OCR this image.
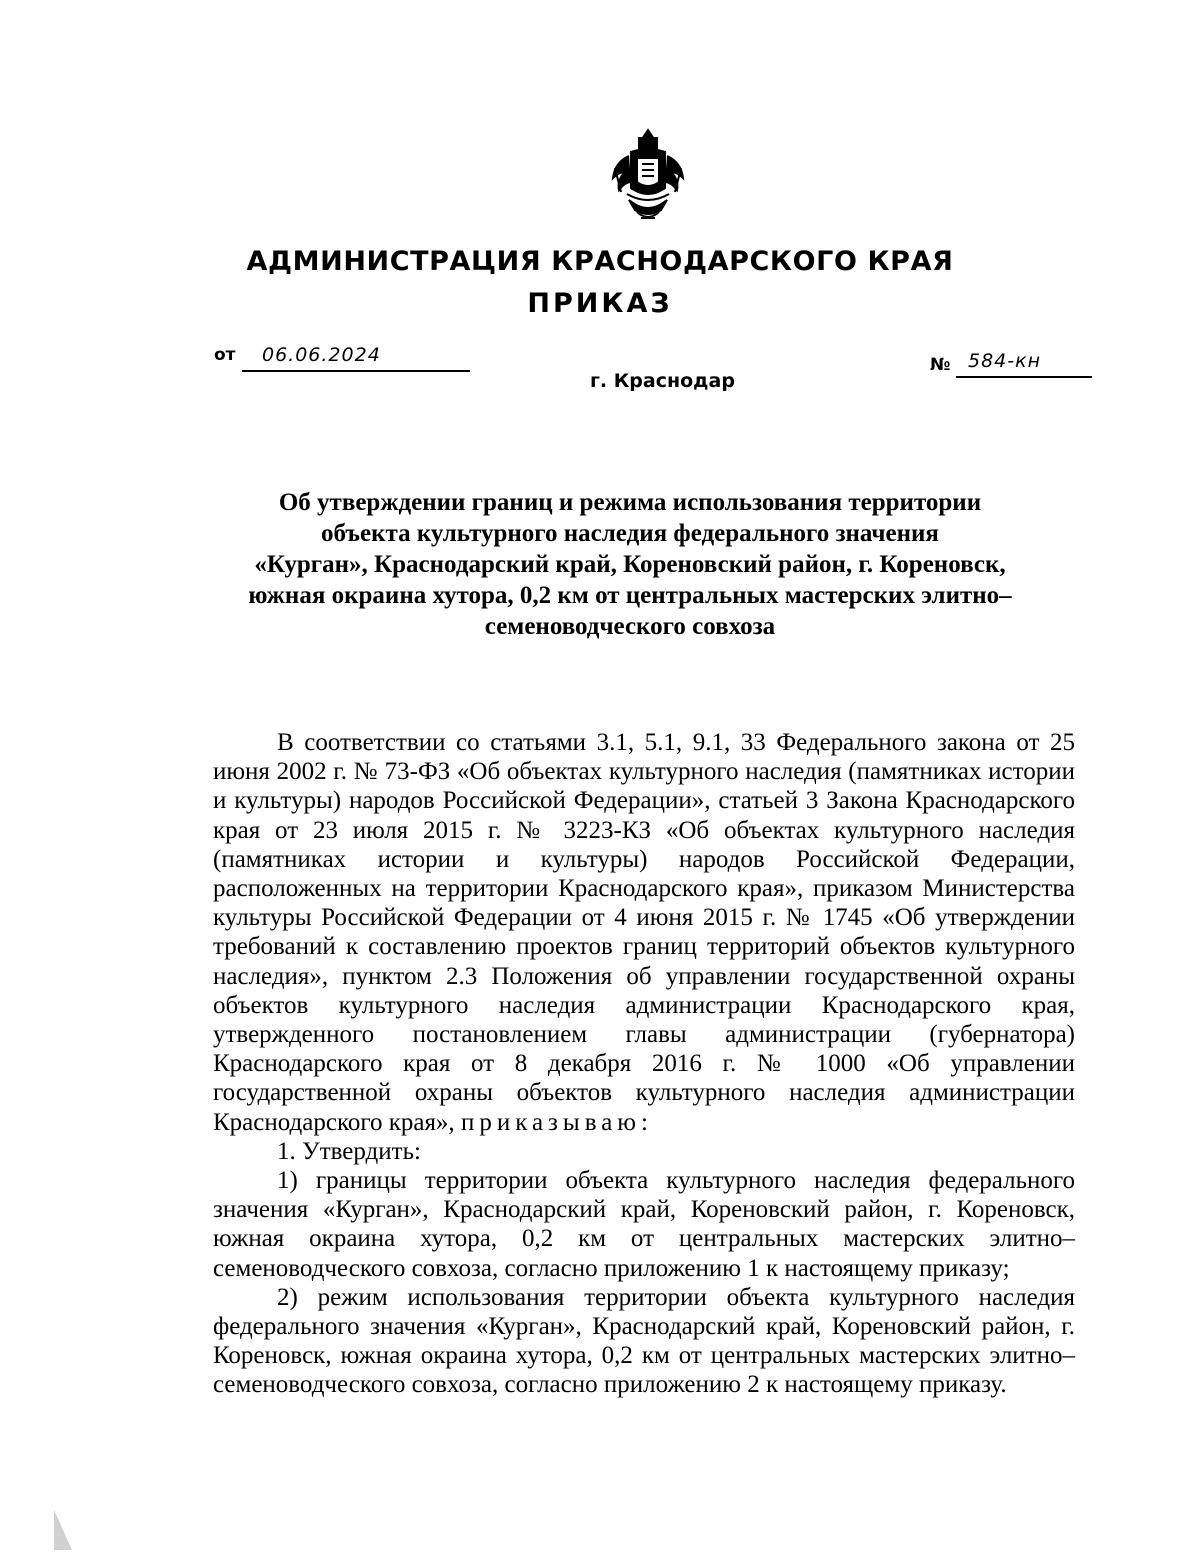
АДМИНИСТРАЦИЯ КРАСНОДАРСКОГО КРАЯ
ПРИКАЗ
от 06.06.2024
г. Краснодар
№ 584-кн
Об утверждении границ и режима использования территории
объекта культурного наследия федерального значения
«Курган», Краснодарский край, Кореновский район, г. Кореновск,
южная окраина хутора, 0,2 км от центральных мастерских элитно–
семеноводческого совхоза

В соответствии со статьями 3.1, 5.1, 9.1, 33 Федерального закона от 25 июня 2002 г. № 73-ФЗ «Об объектах культурного наследия (памятниках истории и культуры) народов Российской Федерации», статьей 3 Закона Краснодарского края от 23 июля 2015 г. № 3223-КЗ «Об объектах культурного наследия (памятниках истории и культуры) народов Российской Федерации, расположенных на территории Краснодарского края», приказом Министерства культуры Российской Федерации от 4 июня 2015 г. № 1745 «Об утверждении требований к составлению проектов границ территорий объектов культурного наследия», пунктом 2.3 Положения об управлении государственной охраны объектов культурного наследия администрации Краснодарского края, утвержденного постановлением главы администрации (губернатора) Краснодарского края от 8 декабря 2016 г. № 1000 «Об управлении государственной охраны объектов культурного наследия администрации Краснодарского края», приказываю:

1. Утвердить:

1) границы территории объекта культурного наследия федерального значения «Курган», Краснодарский край, Кореновский район, г. Кореновск, южная окраина хутора, 0,2 км от центральных мастерских элитно–семеноводческого совхоза, согласно приложению 1 к настоящему приказу;

2) режим использования территории объекта культурного наследия федерального значения «Курган», Краснодарский край, Кореновский район, г. Кореновск, южная окраина хутора, 0,2 км от центральных мастерских элитно–семеноводческого совхоза, согласно приложению 2 к настоящему приказу.
